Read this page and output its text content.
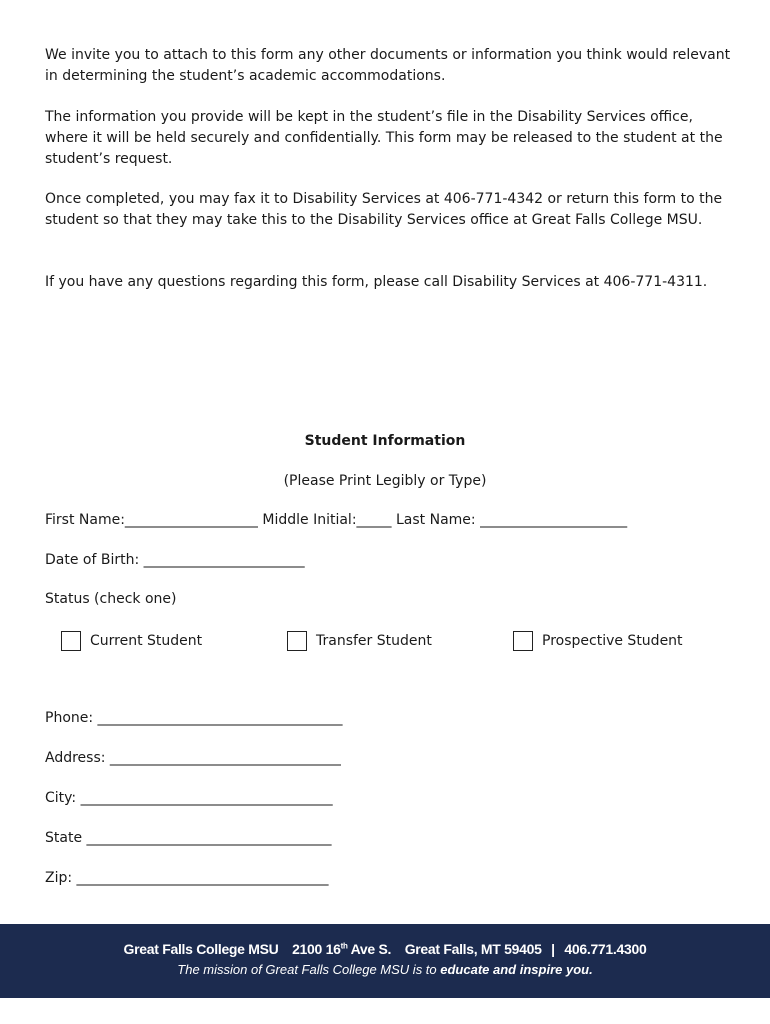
We invite you to attach to this form any other documents or information you think would relevant in determining the student’s academic accommodations.

The information you provide will be kept in the student’s file in the Disability Services office, where it will be held securely and confidentially. This form may be released to the student at the student’s request.

Once completed, you may fax it to Disability Services at 406-771-4342 or return this form to the student so that they may take this to the Disability Services office at Great Falls College MSU.

If you have any questions regarding this form, please call Disability Services at 406-771-4311.

Student Information

(Please Print Legibly or Type)

First Name:___________________ Middle Initial:_____ Last Name: _____________________

Date of Birth: _______________________

Status (check one)

Current Student	Transfer Student	Prospective Student

Phone: ___________________________________

Address: _________________________________

City: ____________________________________

State ___________________________________

Zip: ____________________________________

Great Falls College MSU 2100 16th Ave S. Great Falls, MT 59405 | 406.771.4300
The mission of Great Falls College MSU is to educate and inspire you.
